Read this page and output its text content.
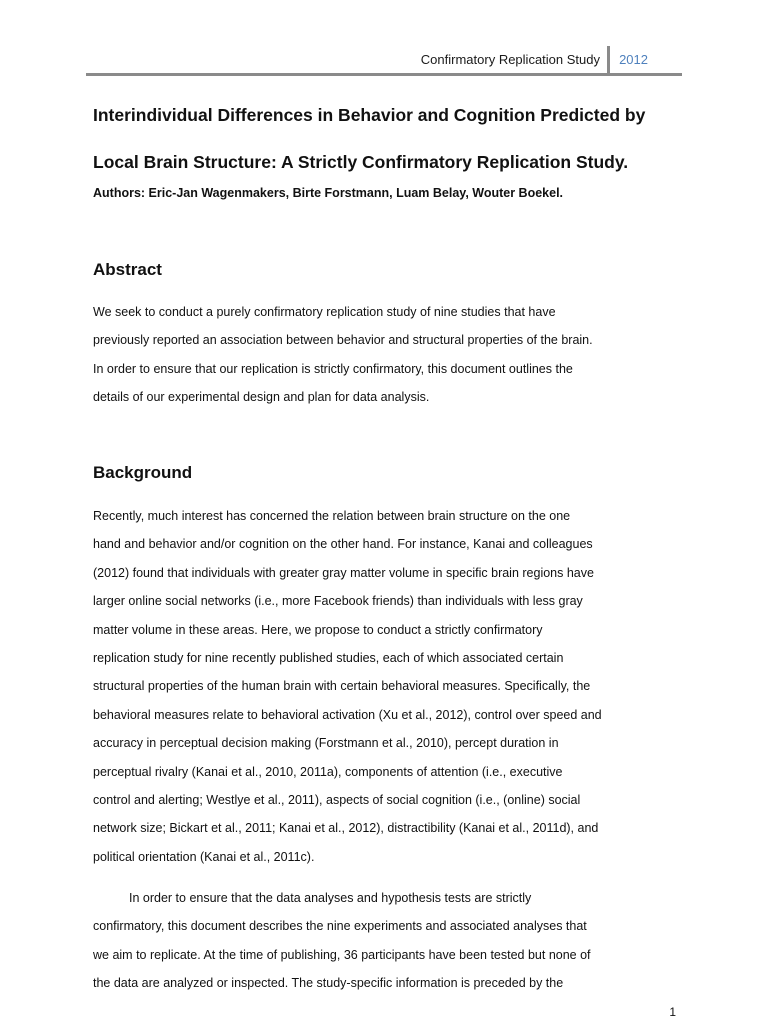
Confirmatory Replication Study 2012
Interindividual Differences in Behavior and Cognition Predicted by
Local Brain Structure: A Strictly Confirmatory Replication Study.

Authors: Eric-Jan Wagenmakers, Birte Forstmann, Luam Belay, Wouter Boekel.

Abstract

We seek to conduct a purely confirmatory replication study of nine studies that have
previously reported an association between behavior and structural properties of the brain.
In order to ensure that our replication is strictly confirmatory, this document outlines the
details of our experimental design and plan for data analysis.

Background

Recently, much interest has concerned the relation between brain structure on the one
hand and behavior and/or cognition on the other hand. For instance, Kanai and colleagues
(2012) found that individuals with greater gray matter volume in specific brain regions have
larger online social networks (i.e., more Facebook friends) than individuals with less gray
matter volume in these areas. Here, we propose to conduct a strictly confirmatory
replication study for nine recently published studies, each of which associated certain
structural properties of the human brain with certain behavioral measures. Specifically, the
behavioral measures relate to behavioral activation (Xu et al., 2012), control over speed and
accuracy in perceptual decision making (Forstmann et al., 2010), percept duration in
perceptual rivalry (Kanai et al., 2010, 2011a), components of attention (i.e., executive
control and alerting; Westlye et al., 2011), aspects of social cognition (i.e., (online) social
network size; Bickart et al., 2011; Kanai et al., 2012), distractibility (Kanai et al., 2011d), and
political orientation (Kanai et al., 2011c).

In order to ensure that the data analyses and hypothesis tests are strictly
confirmatory, this document describes the nine experiments and associated analyses that
we aim to replicate. At the time of publishing, 36 participants have been tested but none of
the data are analyzed or inspected. The study-specific information is preceded by the

1
